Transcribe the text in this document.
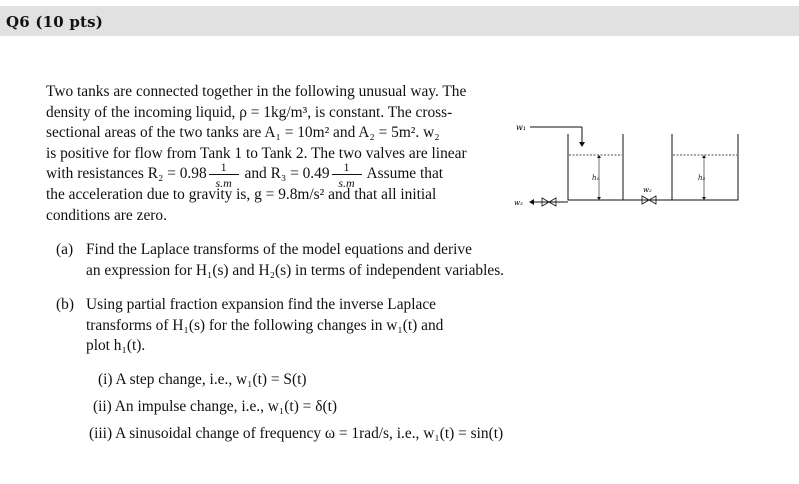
Q6 (10 pts)
Two tanks are connected together in the following unusual way. The
density of the incoming liquid, ρ = 1kg/m³, is constant. The cross-
sectional areas of the two tanks are A₁ = 10m² and A₂ = 5m². w₂
is positive for flow from Tank 1 to Tank 2. The two valves are linear
with resistances $R_2 = 0.98 \frac{1}{s.m}$ and $R_3 = 0.49 \frac{1}{s.m}$ Assume that
the acceleration due to gravity is, g = 9.8m/s² and that all initial
conditions are zero.
w₁
h₁	h₂
w₂
w₃
(a) Find the Laplace transforms of the model equations and derive
an expression for H₁(s) and H₂(s) in terms of independent variables.
(b) Using partial fraction expansion find the inverse Laplace
transforms of H₁(s) for the following changes in w₁(t) and
plot h₁(t).
(i) A step change, i.e., w₁(t) = S(t)
(ii) An impulse change, i.e., w₁(t) = δ(t)
(iii) A sinusoidal change of frequency ω = 1rad/s, i.e., w₁(t) = sin(t)
